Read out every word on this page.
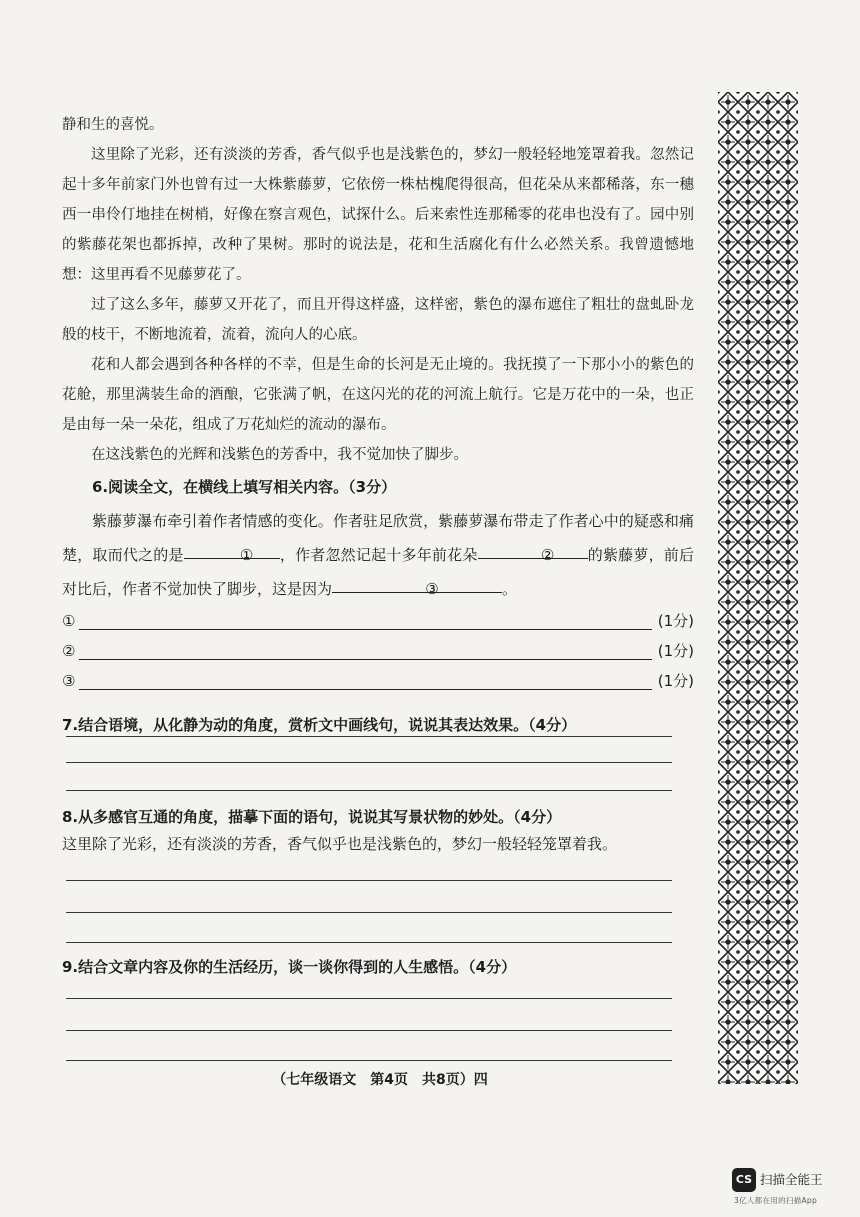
静和生的喜悦。

这里除了光彩，还有淡淡的芳香，香气似乎也是浅紫色的，梦幻一般轻轻地笼罩着我。忽然记起十多年前家门外也曾有过一大株紫藤萝，它依傍一株枯槐爬得很高，但花朵从来都稀落，东一穗西一串伶仃地挂在树梢，好像在察言观色，试探什么。后来索性连那稀零的花串也没有了。园中别的紫藤花架也都拆掉，改种了果树。那时的说法是，花和生活腐化有什么必然关系。我曾遗憾地想：这里再看不见藤萝花了。

过了这么多年，藤萝又开花了，而且开得这样盛，这样密，紫色的瀑布遮住了粗壮的盘虬卧龙般的枝干，不断地流着，流着，流向人的心底。

花和人都会遇到各种各样的不幸，但是生命的长河是无止境的。我抚摸了一下那小小的紫色的花舱，那里满装生命的酒酿，它张满了帆，在这闪光的花的河流上航行。它是万花中的一朵，也正是由每一朵一朵花，组成了万花灿烂的流动的瀑布。

在这浅紫色的光辉和浅紫色的芳香中，我不觉加快了脚步。

6.阅读全文，在横线上填写相关内容。（3分）

紫藤萝瀑布牵引着作者情感的变化。作者驻足欣赏，紫藤萝瀑布带走了作者心中的疑惑和痛楚，取而代之的是	① ，作者忽然记起十多年前花朵	② 的紫藤萝，前后对比后，作者不觉加快了脚步，这是因为	③	。

①	(1分)
②	(1分)
③	(1分)

7.结合语境，从化静为动的角度，赏析文中画线句，说说其表达效果。（4分）

8.从多感官互通的角度，描摹下面的语句，说说其写景状物的妙处。（4分）

这里除了光彩，还有淡淡的芳香，香气似乎也是浅紫色的，梦幻一般轻轻笼罩着我。

9.结合文章内容及你的生活经历，谈一谈你得到的人生感悟。（4分）

（七年级语文　第4页　共8页）四
CS 扫描全能王
3亿人都在用的扫描App
